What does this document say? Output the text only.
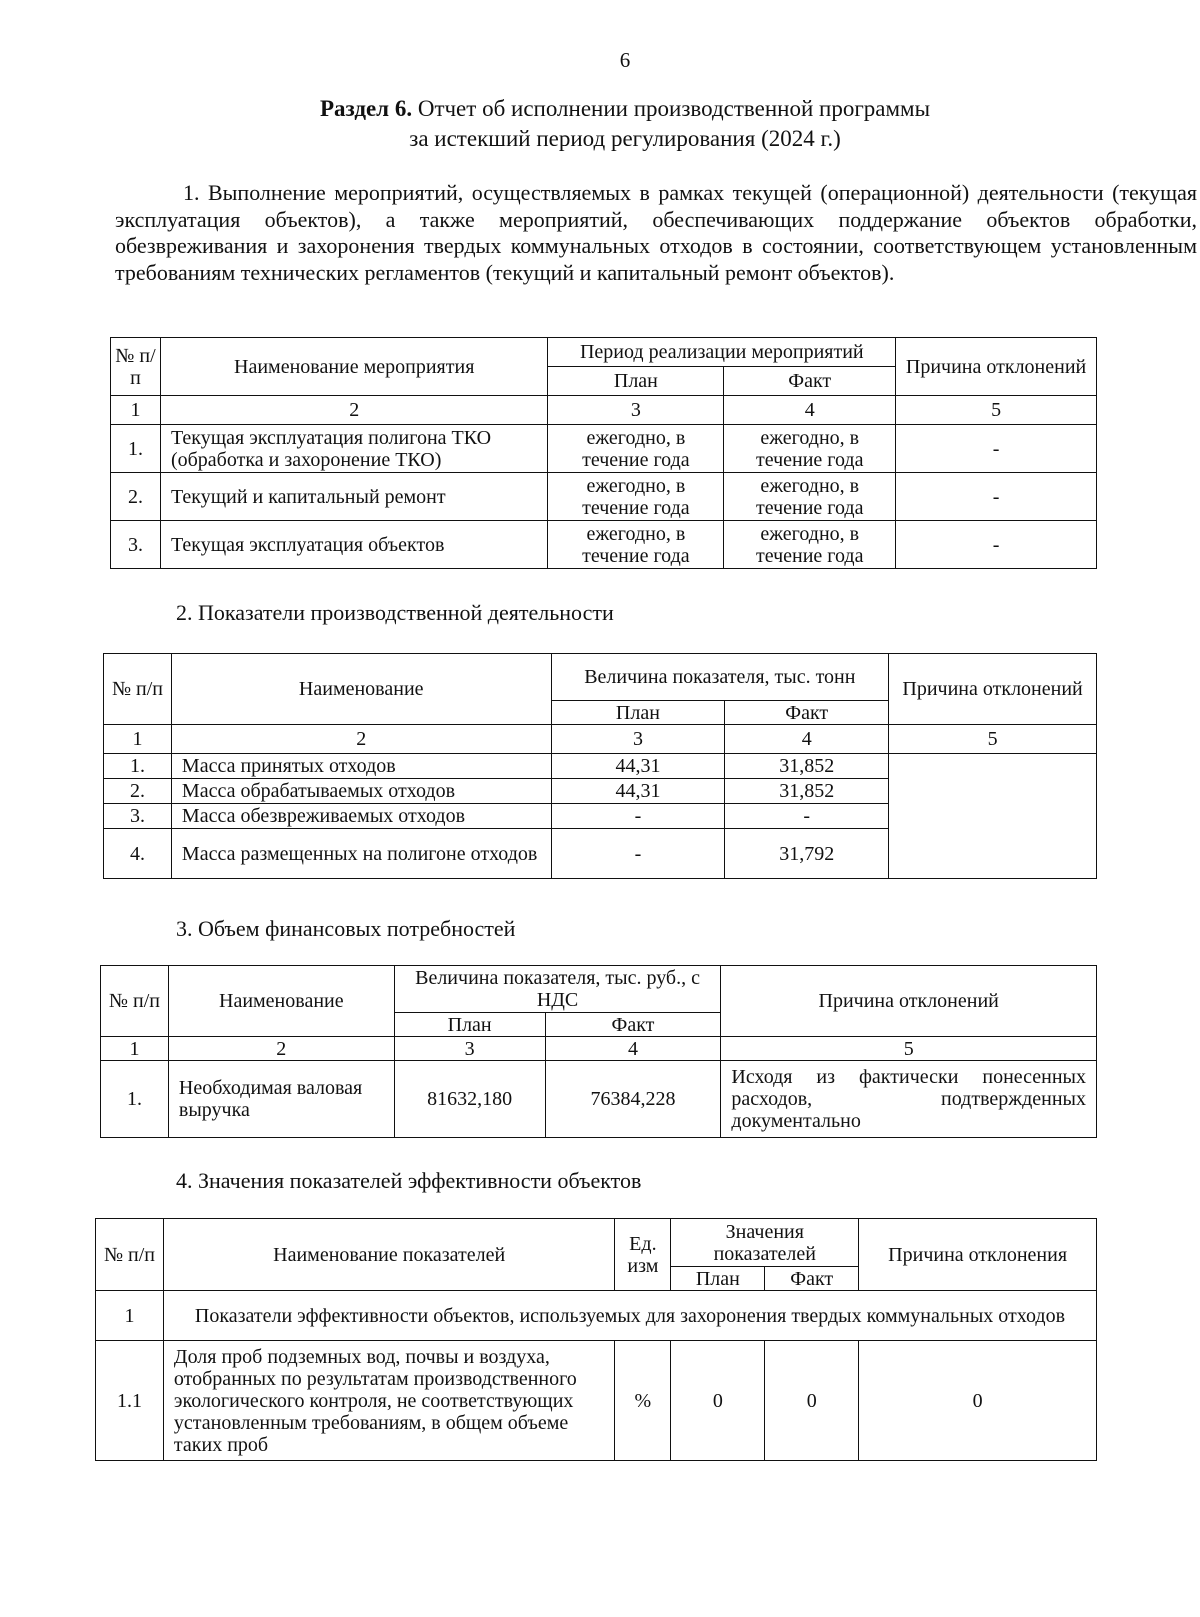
6
Раздел 6. Отчет об исполнении производственной программы
за истекший период регулирования (2024 г.)
1. Выполнение мероприятий, осуществляемых в рамках текущей (операционной) деятельности (текущая эксплуатация объектов), а также мероприятий, обеспечивающих поддержание объектов обработки, обезвреживания и захоронения твердых коммунальных отходов в состоянии, соответствующем установленным требованиям технических регламентов (текущий и капитальный ремонт объектов).
№ п/п	Наименование мероприятия	Период реализации мероприятий		Причина отклонений
		План	Факт	
1	2	3	4	5
1.	Текущая эксплуатация полигона ТКО (обработка и захоронение ТКО)	ежегодно, в течение года	ежегодно, в течение года	-
2.	Текущий и капитальный ремонт	ежегодно, в течение года	ежегодно, в течение года	-
3.	Текущая эксплуатация объектов	ежегодно, в течение года	ежегодно, в течение года	-
2. Показатели производственной деятельности
№ п/п	Наименование	Величина показателя, тыс. тонн		Причина отклонений
		План	Факт	
1	2	3	4	5
1.	Масса принятых отходов	44,31	31,852	
2.	Масса обрабатываемых отходов	44,31	31,852	
3.	Масса обезвреживаемых отходов	-	-	
4.	Масса размещенных на полигоне отходов	-	31,792	
3. Объем финансовых потребностей
№ п/п	Наименование	Величина показателя, тыс. руб., с НДС		Причина отклонений
		План	Факт	
1	2	3	4	5
1.	Необходимая валовая выручка	81632,180	76384,228	Исходя из фактически понесенных расходов, подтвержденных документально
4. Значения показателей эффективности объектов
№ п/п	Наименование показателей	Ед. изм	Значения показателей		Причина отклонения
			План	Факт	
1	Показатели эффективности объектов, используемых для захоронения твердых коммунальных отходов				
1.1	Доля проб подземных вод, почвы и воздуха, отобранных по результатам производственного экологического контроля, не соответствующих установленным требованиям, в общем объеме таких проб	%	0	0	0
